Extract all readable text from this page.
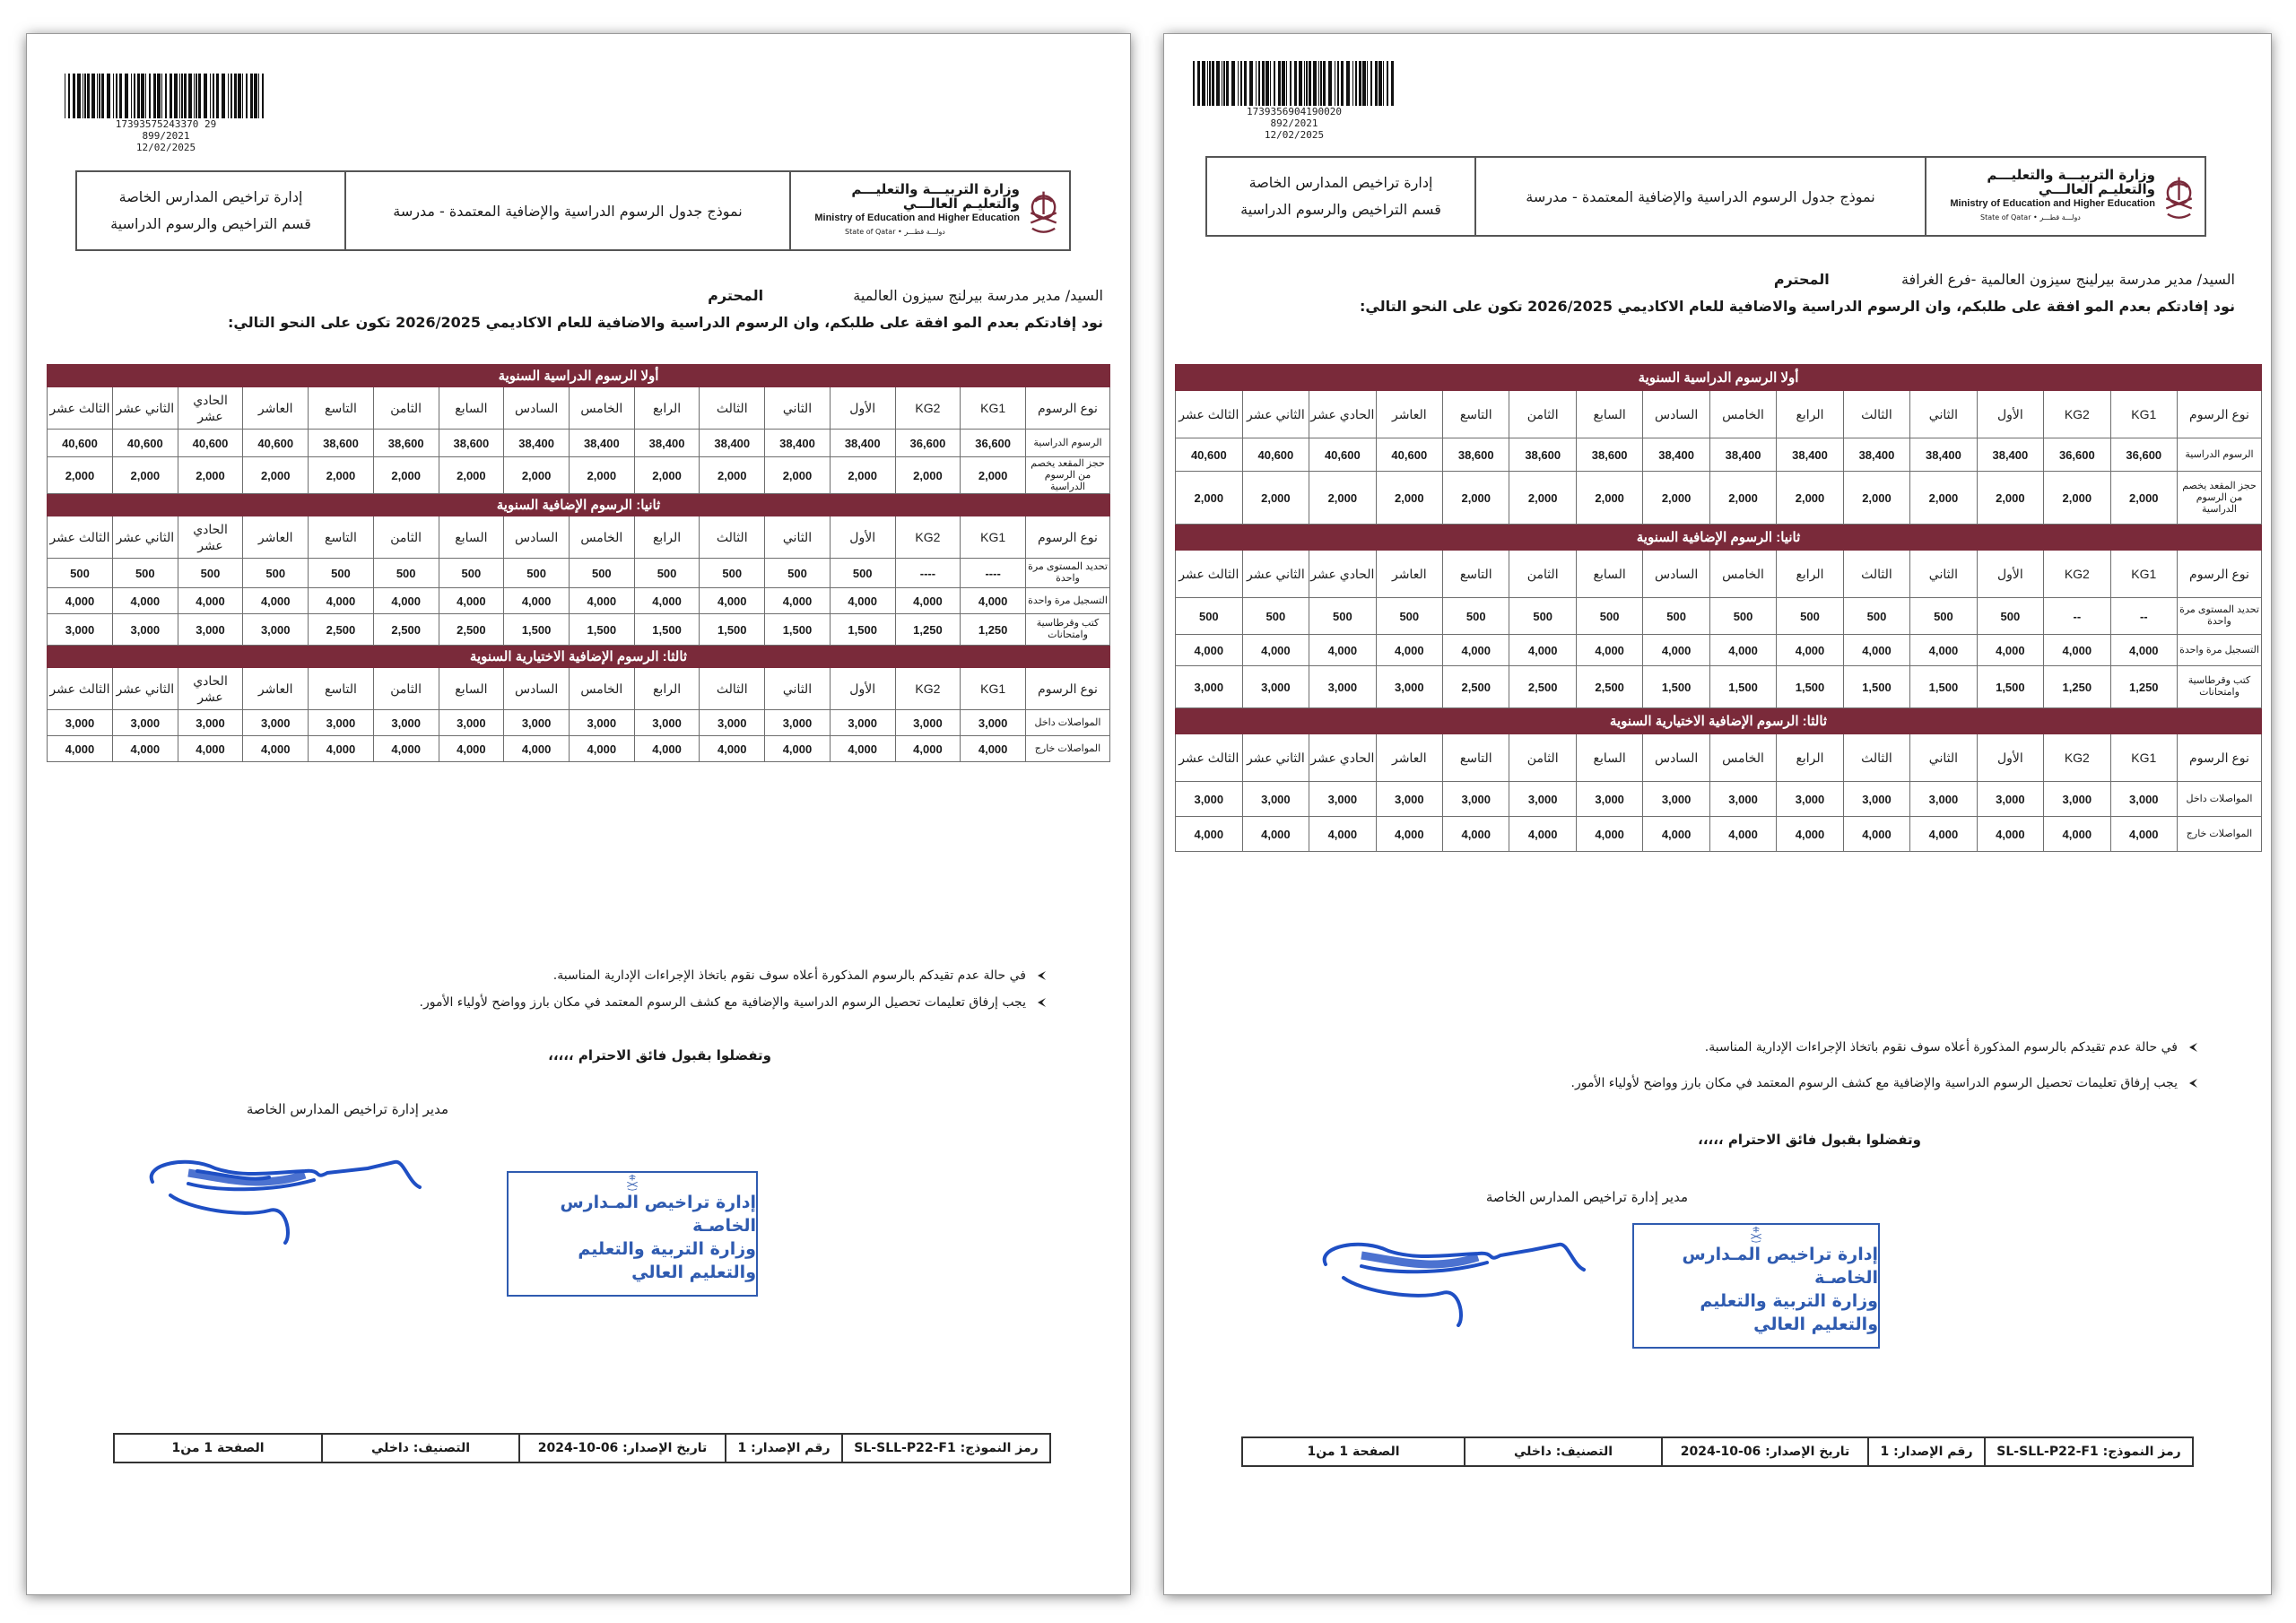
17393575243370 29
899/2021
12/02/2025
وزارة التربيـــة والتعليـــم والتعليـم العالـــي
Ministry of Education and Higher Education
State of Qatar • دولـــة قطـــر
نموذج جدول الرسوم الدراسية والإضافية المعتمدة - مدرسة
إدارة تراخيص المدارس الخاصة
قسم التراخيص والرسوم الدراسية
السيد/ مدير مدرسة بيرلنج سيزون العالمية  المحترم
نود إفادتكم بعدم المو افقة على طلبكم، وان الرسوم الدراسية والاضافية للعام الاكاديمي 2026/2025 تكون على النحو التالي:
أولا الرسوم الدراسية السنوية															
نوع الرسوم	KG1	KG2	الأول	الثاني	الثالث	الرابع	الخامس	السادس	السابع	الثامن	التاسع	العاشر	الحادي عشر	الثاني عشر	الثالث عشر
الرسوم الدراسية	36,600	36,600	38,400	38,400	38,400	38,400	38,400	38,400	38,600	38,600	38,600	40,600	40,600	40,600	40,600
حجز المقعد يخصم من الرسوم الدراسية	2,000	2,000	2,000	2,000	2,000	2,000	2,000	2,000	2,000	2,000	2,000	2,000	2,000	2,000	2,000
ثانيا: الرسوم الإضافية السنوية															
نوع الرسوم	KG1	KG2	الأول	الثاني	الثالث	الرابع	الخامس	السادس	السابع	الثامن	التاسع	العاشر	الحادي عشر	الثاني عشر	الثالث عشر
تحديد المستوى مرة واحدة	----	----	500	500	500	500	500	500	500	500	500	500	500	500	500
التسجيل مرة واحدة	4,000	4,000	4,000	4,000	4,000	4,000	4,000	4,000	4,000	4,000	4,000	4,000	4,000	4,000	4,000
كتب وقرطاسية وامتحانات	1,250	1,250	1,500	1,500	1,500	1,500	1,500	1,500	2,500	2,500	2,500	3,000	3,000	3,000	3,000
ثالثا: الرسوم الإضافية الاختيارية السنوية															
نوع الرسوم	KG1	KG2	الأول	الثاني	الثالث	الرابع	الخامس	السادس	السابع	الثامن	التاسع	العاشر	الحادي عشر	الثاني عشر	الثالث عشر
المواصلات داخل	3,000	3,000	3,000	3,000	3,000	3,000	3,000	3,000	3,000	3,000	3,000	3,000	3,000	3,000	3,000
المواصلات خارج	4,000	4,000	4,000	4,000	4,000	4,000	4,000	4,000	4,000	4,000	4,000	4,000	4,000	4,000	4,000
في حالة عدم تقيدكم بالرسوم المذكورة أعلاه سوف نقوم باتخاذ الإجراءات الإدارية المناسبة.
يجب إرفاق تعليمات تحصيل الرسوم الدراسية والإضافية مع كشف الرسوم المعتمد في مكان بارز وواضح لأولياء الأمور.
وتفضلوا بقبول فائق الاحترام ،،،،،
مدير إدارة تراخيص المدارس الخاصة
إدارة تراخيص المـدارس الخاصـة
وزارة التربية والتعليم والتعليم العالي
رمز النموذج: SL-SLL-P22-F1
رقم الإصدار: 1
تاريخ الإصدار: 06-10-2024
التصنيف: داخلي
الصفحة 1 من1
1739356904190020
892/2021
12/02/2025
وزارة التربيـــة والتعليـــم والتعليـم العالـــي
Ministry of Education and Higher Education
State of Qatar • دولـــة قطـــر
نموذج جدول الرسوم الدراسية والإضافية المعتمدة - مدرسة
إدارة تراخيص المدارس الخاصة
قسم التراخيص والرسوم الدراسية
السيد/ مدير مدرسة بيرلينج سيزون العالمية -فرع الغرافة  المحترم
نود إفادتكم بعدم المو افقة على طلبكم، وان الرسوم الدراسية والاضافية للعام الاكاديمي 2026/2025 تكون على النحو التالي:
أولا الرسوم الدراسية السنوية															
نوع الرسوم	KG1	KG2	الأول	الثاني	الثالث	الرابع	الخامس	السادس	السابع	الثامن	التاسع	العاشر	الحادي عشر	الثاني عشر	الثالث عشر
الرسوم الدراسية	36,600	36,600	38,400	38,400	38,400	38,400	38,400	38,400	38,600	38,600	38,600	40,600	40,600	40,600	40,600
حجز المقعد يخصم من الرسوم الدراسية	2,000	2,000	2,000	2,000	2,000	2,000	2,000	2,000	2,000	2,000	2,000	2,000	2,000	2,000	2,000
ثانيا: الرسوم الإضافية السنوية															
نوع الرسوم	KG1	KG2	الأول	الثاني	الثالث	الرابع	الخامس	السادس	السابع	الثامن	التاسع	العاشر	الحادي عشر	الثاني عشر	الثالث عشر
تحديد المستوى مرة واحدة	--	--	500	500	500	500	500	500	500	500	500	500	500	500	500
التسجيل مرة واحدة	4,000	4,000	4,000	4,000	4,000	4,000	4,000	4,000	4,000	4,000	4,000	4,000	4,000	4,000	4,000
كتب وقرطاسية وامتحانات	1,250	1,250	1,500	1,500	1,500	1,500	1,500	1,500	2,500	2,500	2,500	3,000	3,000	3,000	3,000
ثالثا: الرسوم الإضافية الاختيارية السنوية															
نوع الرسوم	KG1	KG2	الأول	الثاني	الثالث	الرابع	الخامس	السادس	السابع	الثامن	التاسع	العاشر	الحادي عشر	الثاني عشر	الثالث عشر
المواصلات داخل	3,000	3,000	3,000	3,000	3,000	3,000	3,000	3,000	3,000	3,000	3,000	3,000	3,000	3,000	3,000
المواصلات خارج	4,000	4,000	4,000	4,000	4,000	4,000	4,000	4,000	4,000	4,000	4,000	4,000	4,000	4,000	4,000
في حالة عدم تقيدكم بالرسوم المذكورة أعلاه سوف نقوم باتخاذ الإجراءات الإدارية المناسبة.
يجب إرفاق تعليمات تحصيل الرسوم الدراسية والإضافية مع كشف الرسوم المعتمد في مكان بارز وواضح لأولياء الأمور.
وتفضلوا بقبول فائق الاحترام ،،،،،
مدير إدارة تراخيص المدارس الخاصة
إدارة تراخيص المـدارس الخاصـة
وزارة التربية والتعليم والتعليم العالي
رمز النموذج: SL-SLL-P22-F1
رقم الإصدار: 1
تاريخ الإصدار: 06-10-2024
التصنيف: داخلي
الصفحة 1 من1
